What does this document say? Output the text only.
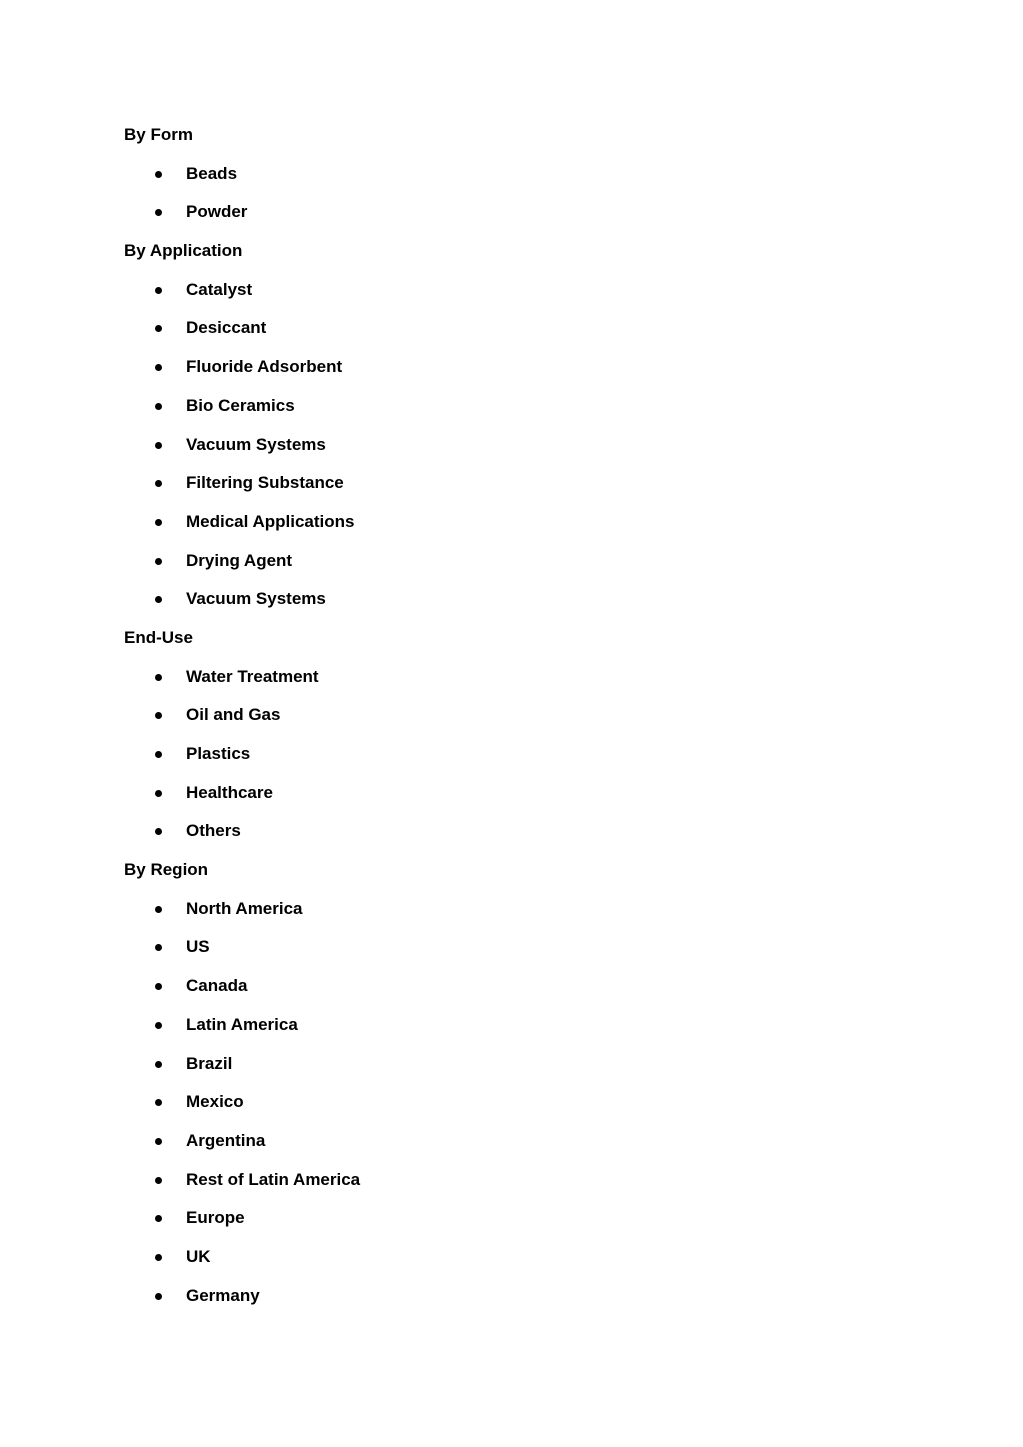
By Form

Beads
Powder

By Application

Catalyst
Desiccant
Fluoride Adsorbent
Bio Ceramics
Vacuum Systems
Filtering Substance
Medical Applications
Drying Agent
Vacuum Systems

End-Use

Water Treatment
Oil and Gas
Plastics
Healthcare
Others

By Region

North America
US
Canada
Latin America
Brazil
Mexico
Argentina
Rest of Latin America
Europe
UK
Germany
